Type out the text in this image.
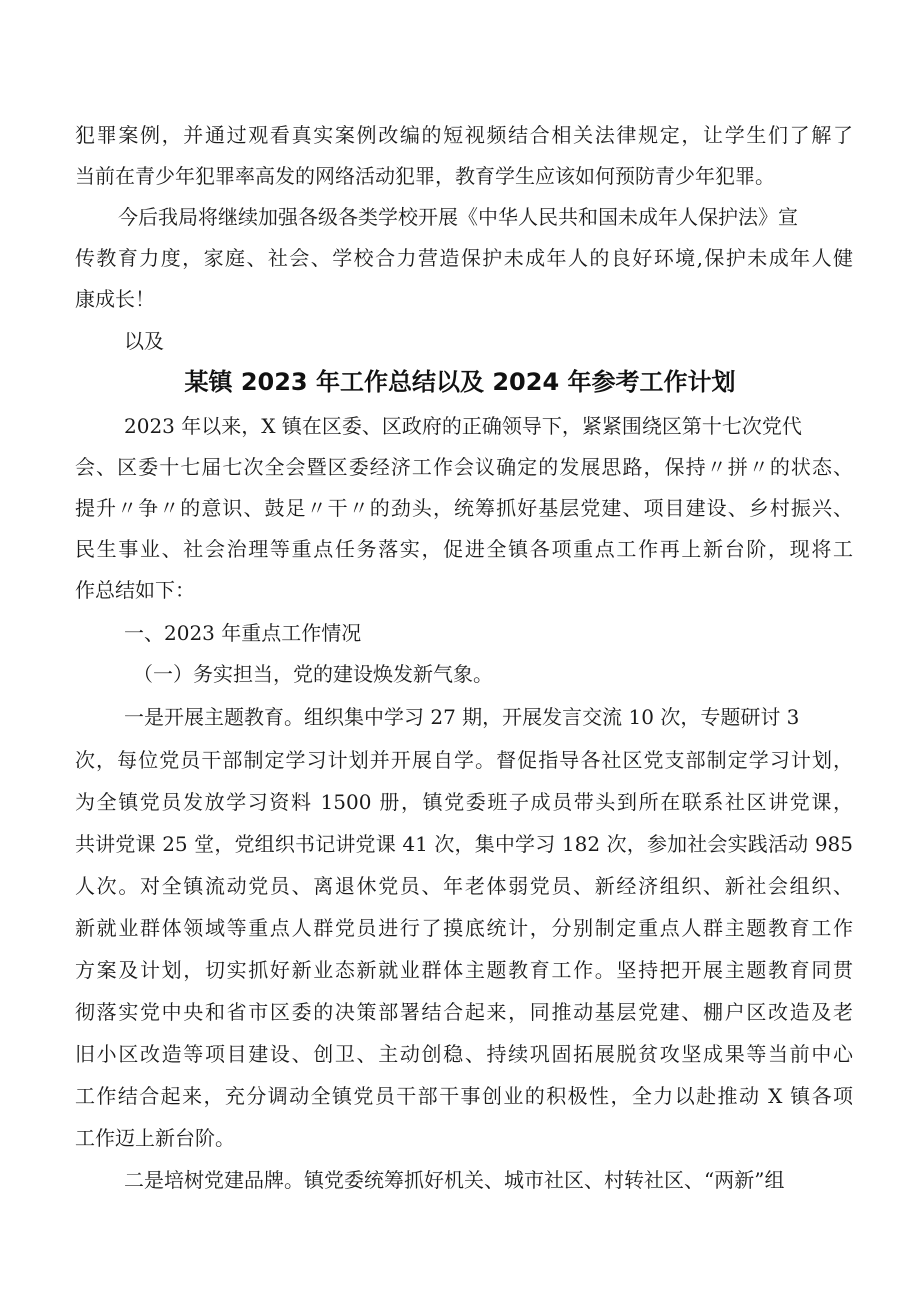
犯罪案例，并通过观看真实案例改编的短视频结合相关法律规定，让学生们了解了
当前在青少年犯罪率高发的网络活动犯罪，教育学生应该如何预防青少年犯罪。
今后我局将继续加强各级各类学校开展《中华人民共和国未成年人保护法》宣
传教育力度，家庭、社会、学校合力营造保护未成年人的良好环境,保护未成年人健
康成长！
以及
某镇 2023 年工作总结以及 2024 年参考工作计划
2023 年以来，X 镇在区委、区政府的正确领导下，紧紧围绕区第十七次党代
会、区委十七届七次全会暨区委经济工作会议确定的发展思路，保持〃拼〃的状态、
提升〃争〃的意识、鼓足〃干〃的劲头，统筹抓好基层党建、项目建设、乡村振兴、
民生事业、社会治理等重点任务落实，促进全镇各项重点工作再上新台阶，现将工
作总结如下：
一、2023 年重点工作情况
（一）务实担当，党的建设焕发新气象。
一是开展主题教育。组织集中学习 27 期，开展发言交流 10 次，专题研讨 3
次，每位党员干部制定学习计划并开展自学。督促指导各社区党支部制定学习计划，
为全镇党员发放学习资料 1500 册，镇党委班子成员带头到所在联系社区讲党课，
共讲党课 25 堂，党组织书记讲党课 41 次，集中学习 182 次，参加社会实践活动 985
人次。对全镇流动党员、离退休党员、年老体弱党员、新经济组织、新社会组织、
新就业群体领域等重点人群党员进行了摸底统计，分别制定重点人群主题教育工作
方案及计划，切实抓好新业态新就业群体主题教育工作。坚持把开展主题教育同贯
彻落实党中央和省市区委的决策部署结合起来，同推动基层党建、棚户区改造及老
旧小区改造等项目建设、创卫、主动创稳、持续巩固拓展脱贫攻坚成果等当前中心
工作结合起来，充分调动全镇党员干部干事创业的积极性，全力以赴推动 X 镇各项
工作迈上新台阶。
二是培树党建品牌。镇党委统筹抓好机关、城市社区、村转社区、“两新”组
